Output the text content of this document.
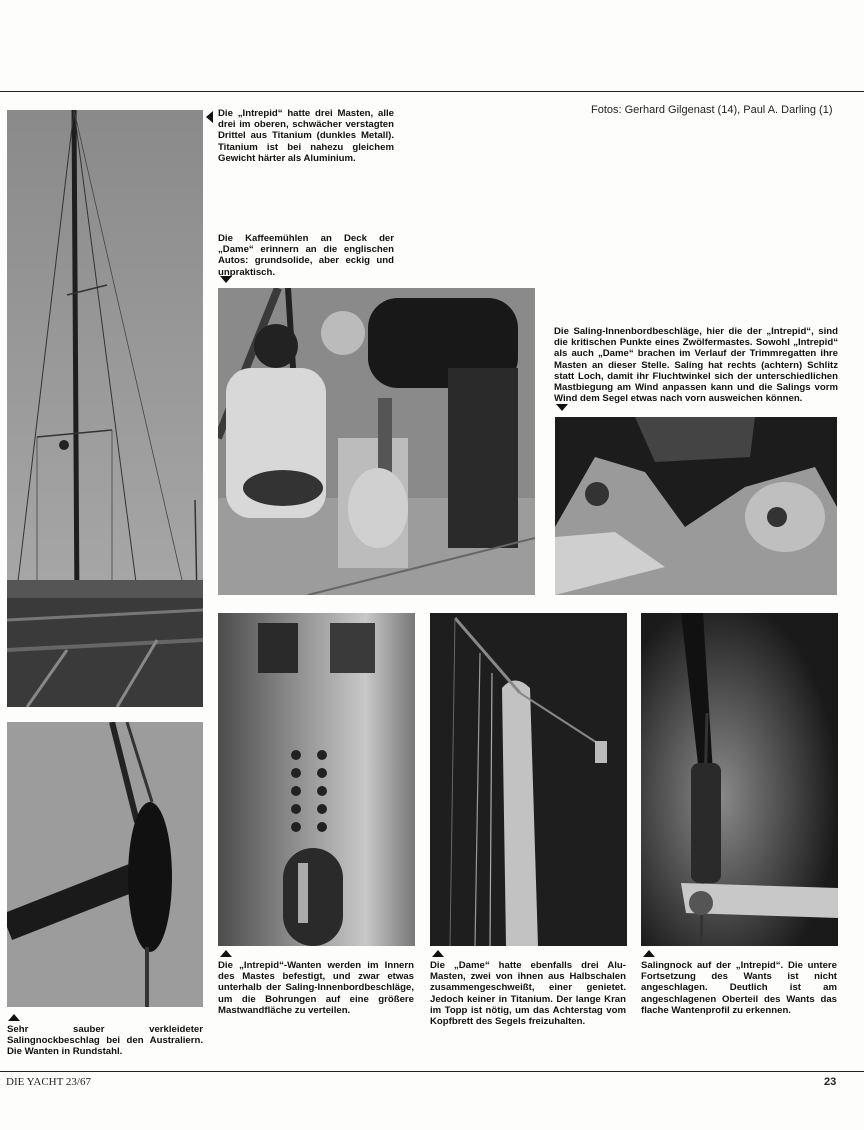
Fotos: Gerhard Gilgenast (14), Paul A. Darling (1)
Sehr sauber verkleideter Salingnockbeschlag bei den Australiern. Die Wanten in Rundstahl.
Die „Intrepid“ hatte drei Masten, alle drei im oberen, schwächer verstagten Drittel aus Titanium (dunkles Metall). Titanium ist bei nahezu gleichem Gewicht härter als Aluminium.
Die Kaffeemühlen an Deck der „Dame“ erinnern an die englischen Autos: grundsolide, aber eckig und unpraktisch.
Die Saling-Innenbordbeschläge, hier die der „Intrepid“, sind die kritischen Punkte eines Zwölfermastes. Sowohl „Intrepid“ als auch „Dame“ brachen im Verlauf der Trimmregatten ihre Masten an dieser Stelle. Saling hat rechts (achtern) Schlitz statt Loch, damit ihr Fluchtwinkel sich der unterschiedlichen Mastbiegung am Wind anpassen kann und die Salings vorm Wind dem Segel etwas nach vorn ausweichen können.
Die „Intrepid“-Wanten werden im Innern des Mastes befestigt, und zwar etwas unterhalb der Saling-Innenbordbeschläge, um die Bohrungen auf eine größere Mastwandfläche zu verteilen.
Die „Dame“ hatte ebenfalls drei Alu-Masten, zwei von ihnen aus Halbschalen zusammengeschweißt, einer genietet. Jedoch keiner in Titanium. Der lange Kran im Topp ist nötig, um das Achterstag vom Kopfbrett des Segels freizuhalten.
Salingnock auf der „Intrepid“. Die untere Fortsetzung des Wants ist nicht angeschlagen. Deutlich ist am angeschlagenen Oberteil des Wants das flache Wantenprofil zu erkennen.
DIE YACHT 23/67	23
